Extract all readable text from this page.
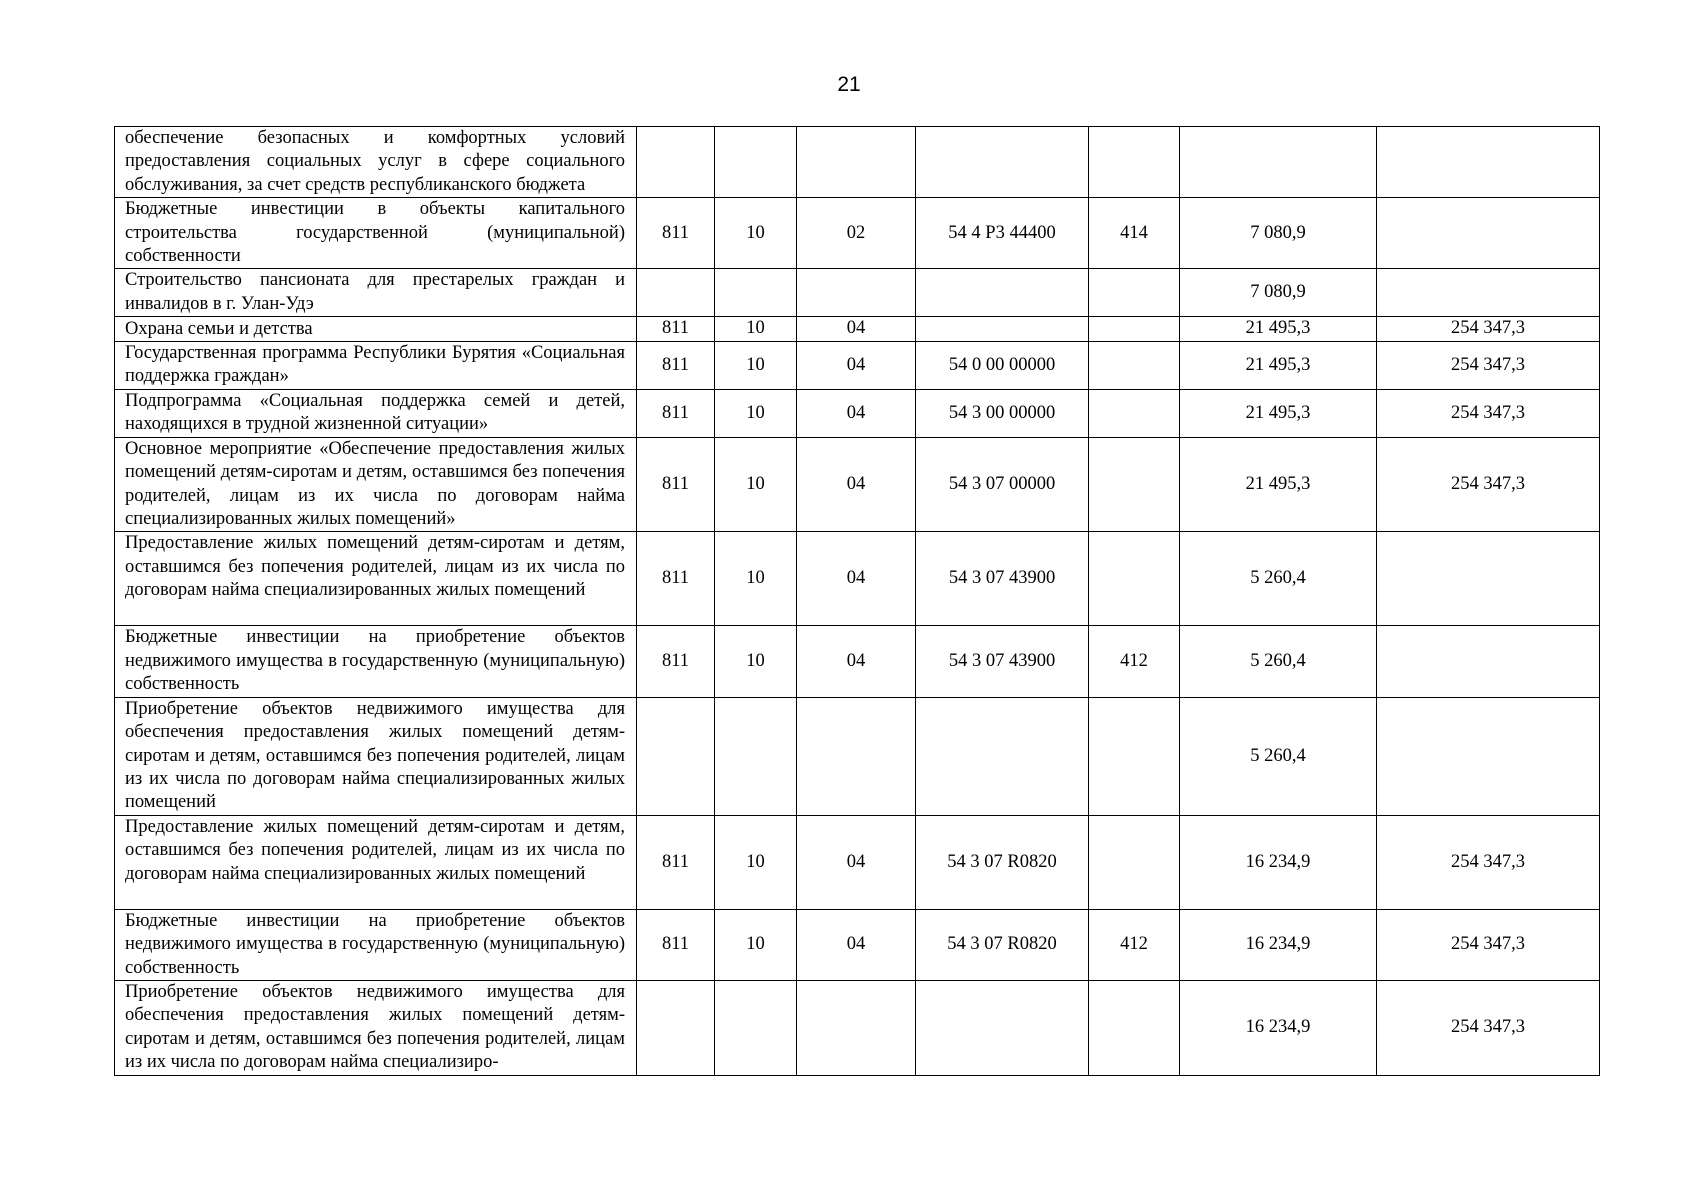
21
обеспечение безопасных и комфортных условий предоставления социальных услуг в сфере социального обслуживания, за счет средств республиканского бюджета							
Бюджетные инвестиции в объекты капитального строительства государственной (муниципальной) собственности	811	10	02	54 4 P3 44400	414	7 080,9	
Строительство пансионата для престарелых граждан и инвалидов в г. Улан-Удэ						7 080,9	
Охрана семьи и детства	811	10	04			21 495,3	254 347,3
Государственная программа Республики Бурятия «Социальная поддержка граждан»	811	10	04	54 0 00 00000		21 495,3	254 347,3
Подпрограмма «Социальная поддержка семей и детей, находящихся в трудной жизненной ситуации»	811	10	04	54 3 00 00000		21 495,3	254 347,3
Основное мероприятие «Обеспечение предоставления жилых помещений детям-сиротам и детям, оставшимся без попечения родителей, лицам из их числа по договорам найма специализированных жилых помещений»	811	10	04	54 3 07 00000		21 495,3	254 347,3
Предоставление жилых помещений детям-сиротам и детям, оставшимся без попечения родителей, лицам из их числа по договорам найма специализированных жилых помещений	811	10	04	54 3 07 43900		5 260,4	
Бюджетные инвестиции на приобретение объектов недвижимого имущества в государственную (муниципальную) собственность	811	10	04	54 3 07 43900	412	5 260,4	
Приобретение объектов недвижимого имущества для обеспечения предоставления жилых помещений детям-сиротам и детям, оставшимся без попечения родителей, лицам из их числа по договорам найма специализированных жилых помещений						5 260,4	
Предоставление жилых помещений детям-сиротам и детям, оставшимся без попечения родителей, лицам из их числа по договорам найма специализированных жилых помещений	811	10	04	54 3 07 R0820		16 234,9	254 347,3
Бюджетные инвестиции на приобретение объектов недвижимого имущества в государственную (муниципальную) собственность	811	10	04	54 3 07 R0820	412	16 234,9	254 347,3
Приобретение объектов недвижимого имущества для обеспечения предоставления жилых помещений детям-сиротам и детям, оставшимся без попечения родителей, лицам из их числа по договорам найма специализиро-						16 234,9	254 347,3
